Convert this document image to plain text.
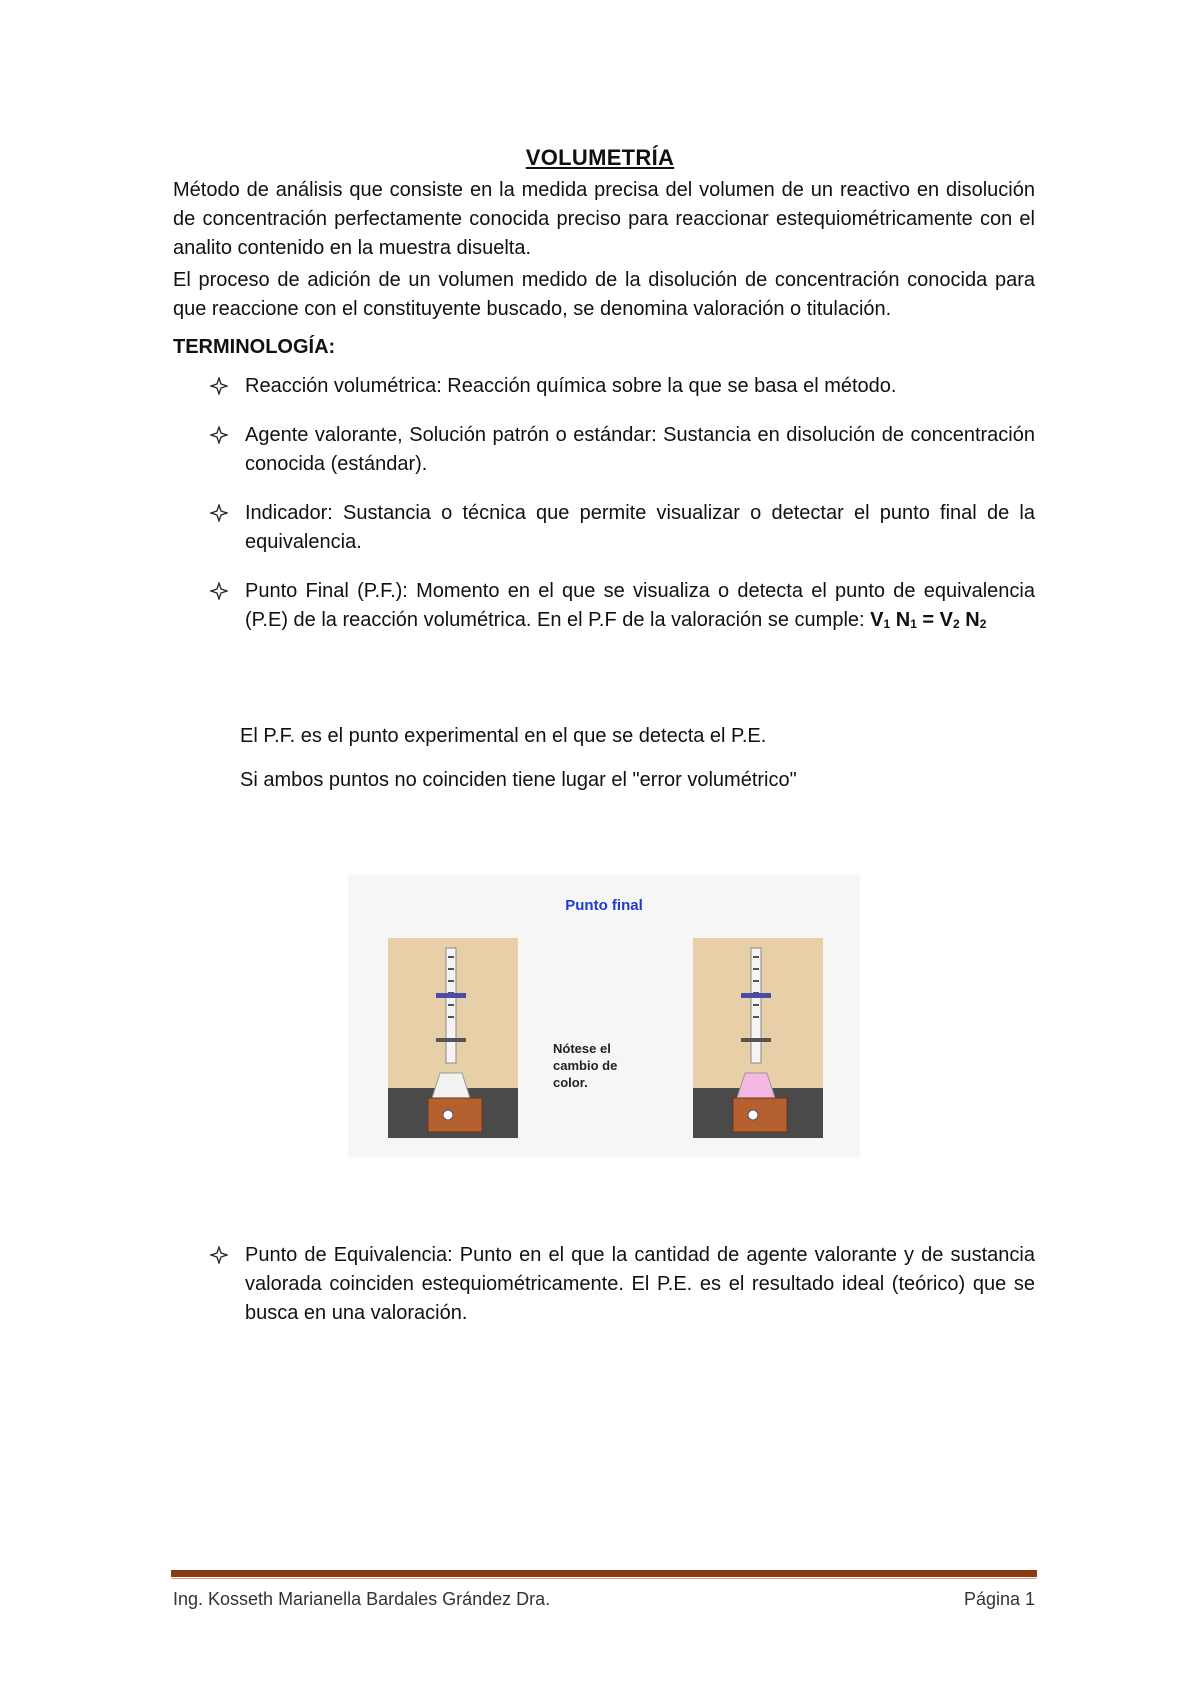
VOLUMETRÍA
Método de análisis que consiste en la medida precisa del volumen de un reactivo en disolución de concentración perfectamente conocida preciso para reaccionar estequiométricamente con el analito contenido en la muestra disuelta.
El proceso de adición de un volumen medido de la disolución de concentración conocida para que reaccione con el constituyente buscado, se denomina valoración o titulación.
TERMINOLOGÍA:
Reacción volumétrica: Reacción química sobre la que se basa el método.
Agente valorante, Solución patrón o estándar: Sustancia en disolución de concentración conocida (estándar).
Indicador: Sustancia o técnica que permite visualizar o detectar el punto final de la equivalencia.
Punto Final (P.F.): Momento en el que se visualiza o detecta el punto de equivalencia (P.E) de la reacción volumétrica. En el P.F de la valoración se cumple: $V_1$ $N_1 = V_2$ $N_2$
El P.F. es el punto experimental en el que se detecta el P.E.
Si ambos puntos no coinciden tiene lugar el "error volumétrico"
Punto final
Nótese el
cambio de
color.
Punto de Equivalencia: Punto en el que la cantidad de agente valorante y de sustancia valorada coinciden estequiométricamente. El P.E. es el resultado ideal (teórico) que se busca en una valoración.
Ing. Kosseth Marianella Bardales Grández Dra.	Página 1
